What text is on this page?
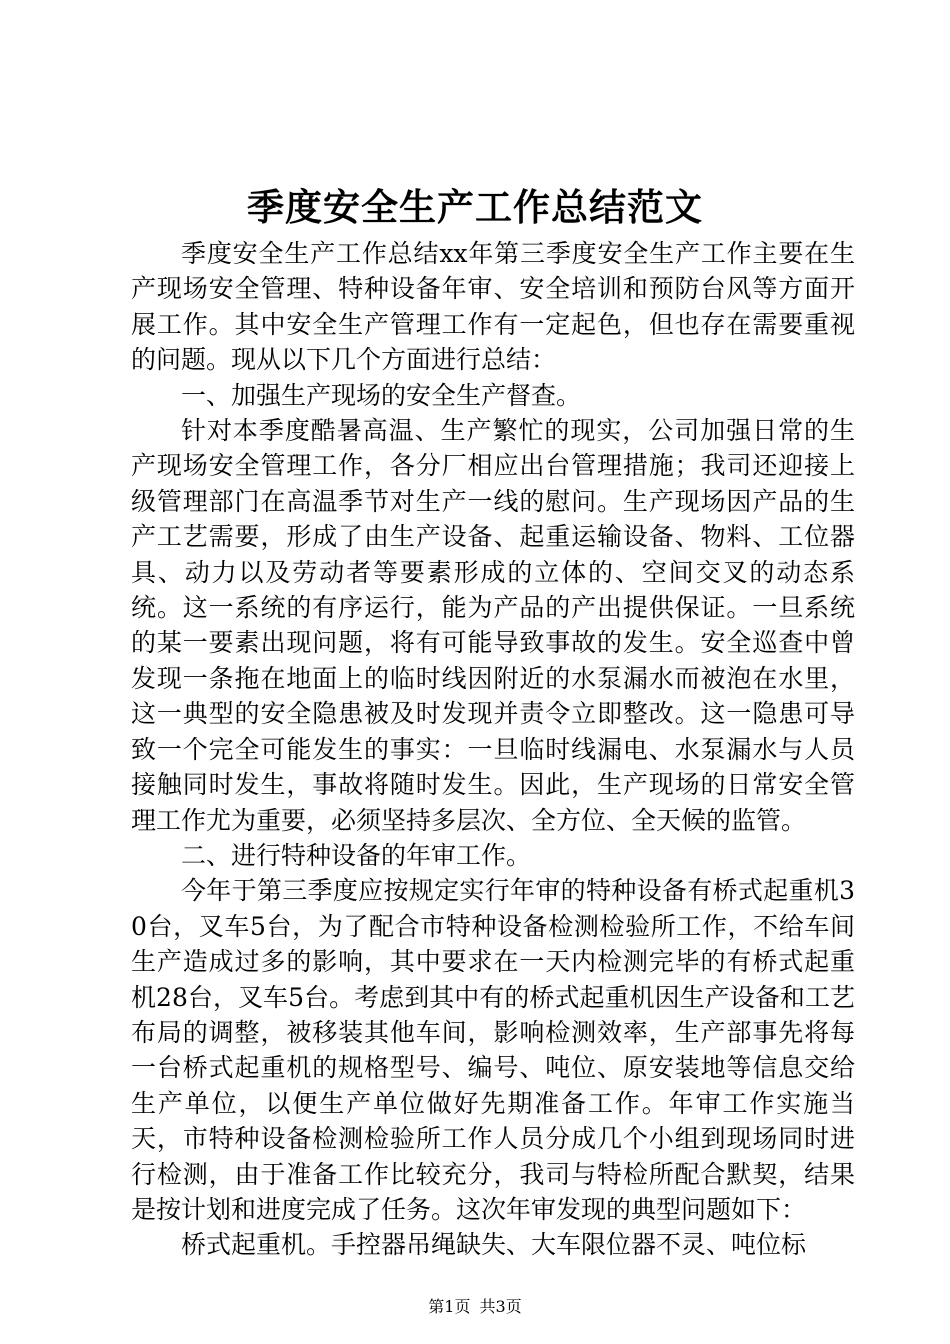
季度安全生产工作总结范文

季度安全生产工作总结xx年第三季度安全生产工作主要在生产现场安全管理、特种设备年审、安全培训和预防台风等方面开展工作。其中安全生产管理工作有一定起色，但也存在需要重视的问题。现从以下几个方面进行总结：

一、加强生产现场的安全生产督查。

针对本季度酷暑高温、生产繁忙的现实，公司加强日常的生产现场安全管理工作，各分厂相应出台管理措施；我司还迎接上级管理部门在高温季节对生产一线的慰问。生产现场因产品的生产工艺需要，形成了由生产设备、起重运输设备、物料、工位器具、动力以及劳动者等要素形成的立体的、空间交叉的动态系统。这一系统的有序运行，能为产品的产出提供保证。一旦系统的某一要素出现问题，将有可能导致事故的发生。安全巡查中曾发现一条拖在地面上的临时线因附近的水泵漏水而被泡在水里，这一典型的安全隐患被及时发现并责令立即整改。这一隐患可导致一个完全可能发生的事实：一旦临时线漏电、水泵漏水与人员接触同时发生，事故将随时发生。因此，生产现场的日常安全管理工作尤为重要，必须坚持多层次、全方位、全天候的监管。

二、进行特种设备的年审工作。

今年于第三季度应按规定实行年审的特种设备有桥式起重机30台，叉车5台，为了配合市特种设备检测检验所工作，不给车间生产造成过多的影响，其中要求在一天内检测完毕的有桥式起重机28台，叉车5台。考虑到其中有的桥式起重机因生产设备和工艺布局的调整，被移装其他车间，影响检测效率，生产部事先将每一台桥式起重机的规格型号、编号、吨位、原安装地等信息交给生产单位，以便生产单位做好先期准备工作。年审工作实施当天，市特种设备检测检验所工作人员分成几个小组到现场同时进行检测，由于准备工作比较充分，我司与特检所配合默契，结果是按计划和进度完成了任务。这次年审发现的典型问题如下：

桥式起重机。手控器吊绳缺失、大车限位器不灵、吨位标

第1页 共3页
